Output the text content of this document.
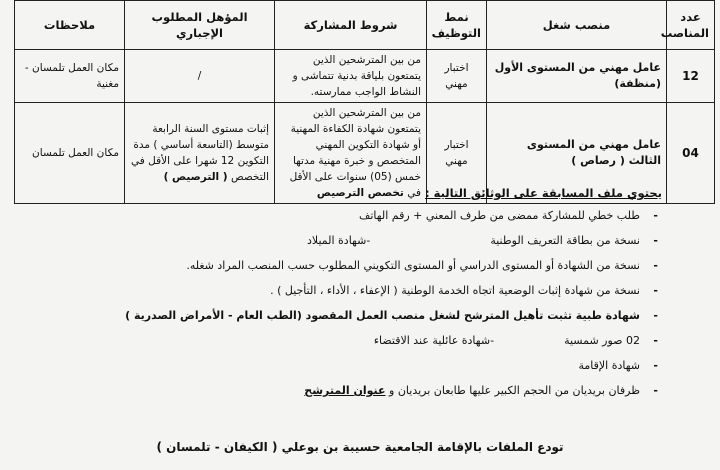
عدد المناصب	منصب شغل	نمط التوظيف	شروط المشاركة	المؤهل المطلوب الإجباري	ملاحظات
12	عامل مهني من المستوى الأول (منظفة)	اختبار مهني	من بين المترشحين الذين يتمتعون بلياقة بدنية تتماشى و النشاط الواجب ممارسته.	/	مكان العمل تلمسان - مغنية
04	عامل مهني من المستوى الثالث ( رصاص )	اختبار مهني	من بين المترشحين الذين يتمتعون شهادة الكفاءة المهنية أو شهادة التكوين المهني المتخصص و خبرة مهنية مدتها خمس (05) سنوات على الأقل في تخصص الترصيص	إثبات مستوى السنة الرابعة متوسط (التاسعة أساسي ) مدة التكوين 12 شهرا على الأقل في التخصص ( الترصيص )	مكان العمل تلمسان
يحتوي ملف المسابقة على الوثائق التالية :
- طلب خطي للمشاركة ممضى من طرف المعني + رقم الهاتف
- نسخة من بطاقة التعريف الوطنية-شهادة الميلاد
- نسخة من الشهادة أو المستوى الدراسي أو المستوى التكويني المطلوب حسب المنصب المراد شغله.
- نسخة من شهادة إثبات الوضعية اتجاه الخدمة الوطنية ( الإعفاء ، الأداء ، التأجيل ) .
- شهادة طبية تثبت تأهيل المترشح لشغل منصب العمل المقصود (الطب العام - الأمراض الصدرية )
- 02 صور شمسية-شهادة عائلية عند الاقتضاء
- شهادة الإقامة
- ظرفان بريديان من الحجم الكبير عليها طابعان بريديان و عنوان المترشح
تودع الملفات بالإقامة الجامعية حسيبة بن بوعلي ( الكيفان - تلمسان )
